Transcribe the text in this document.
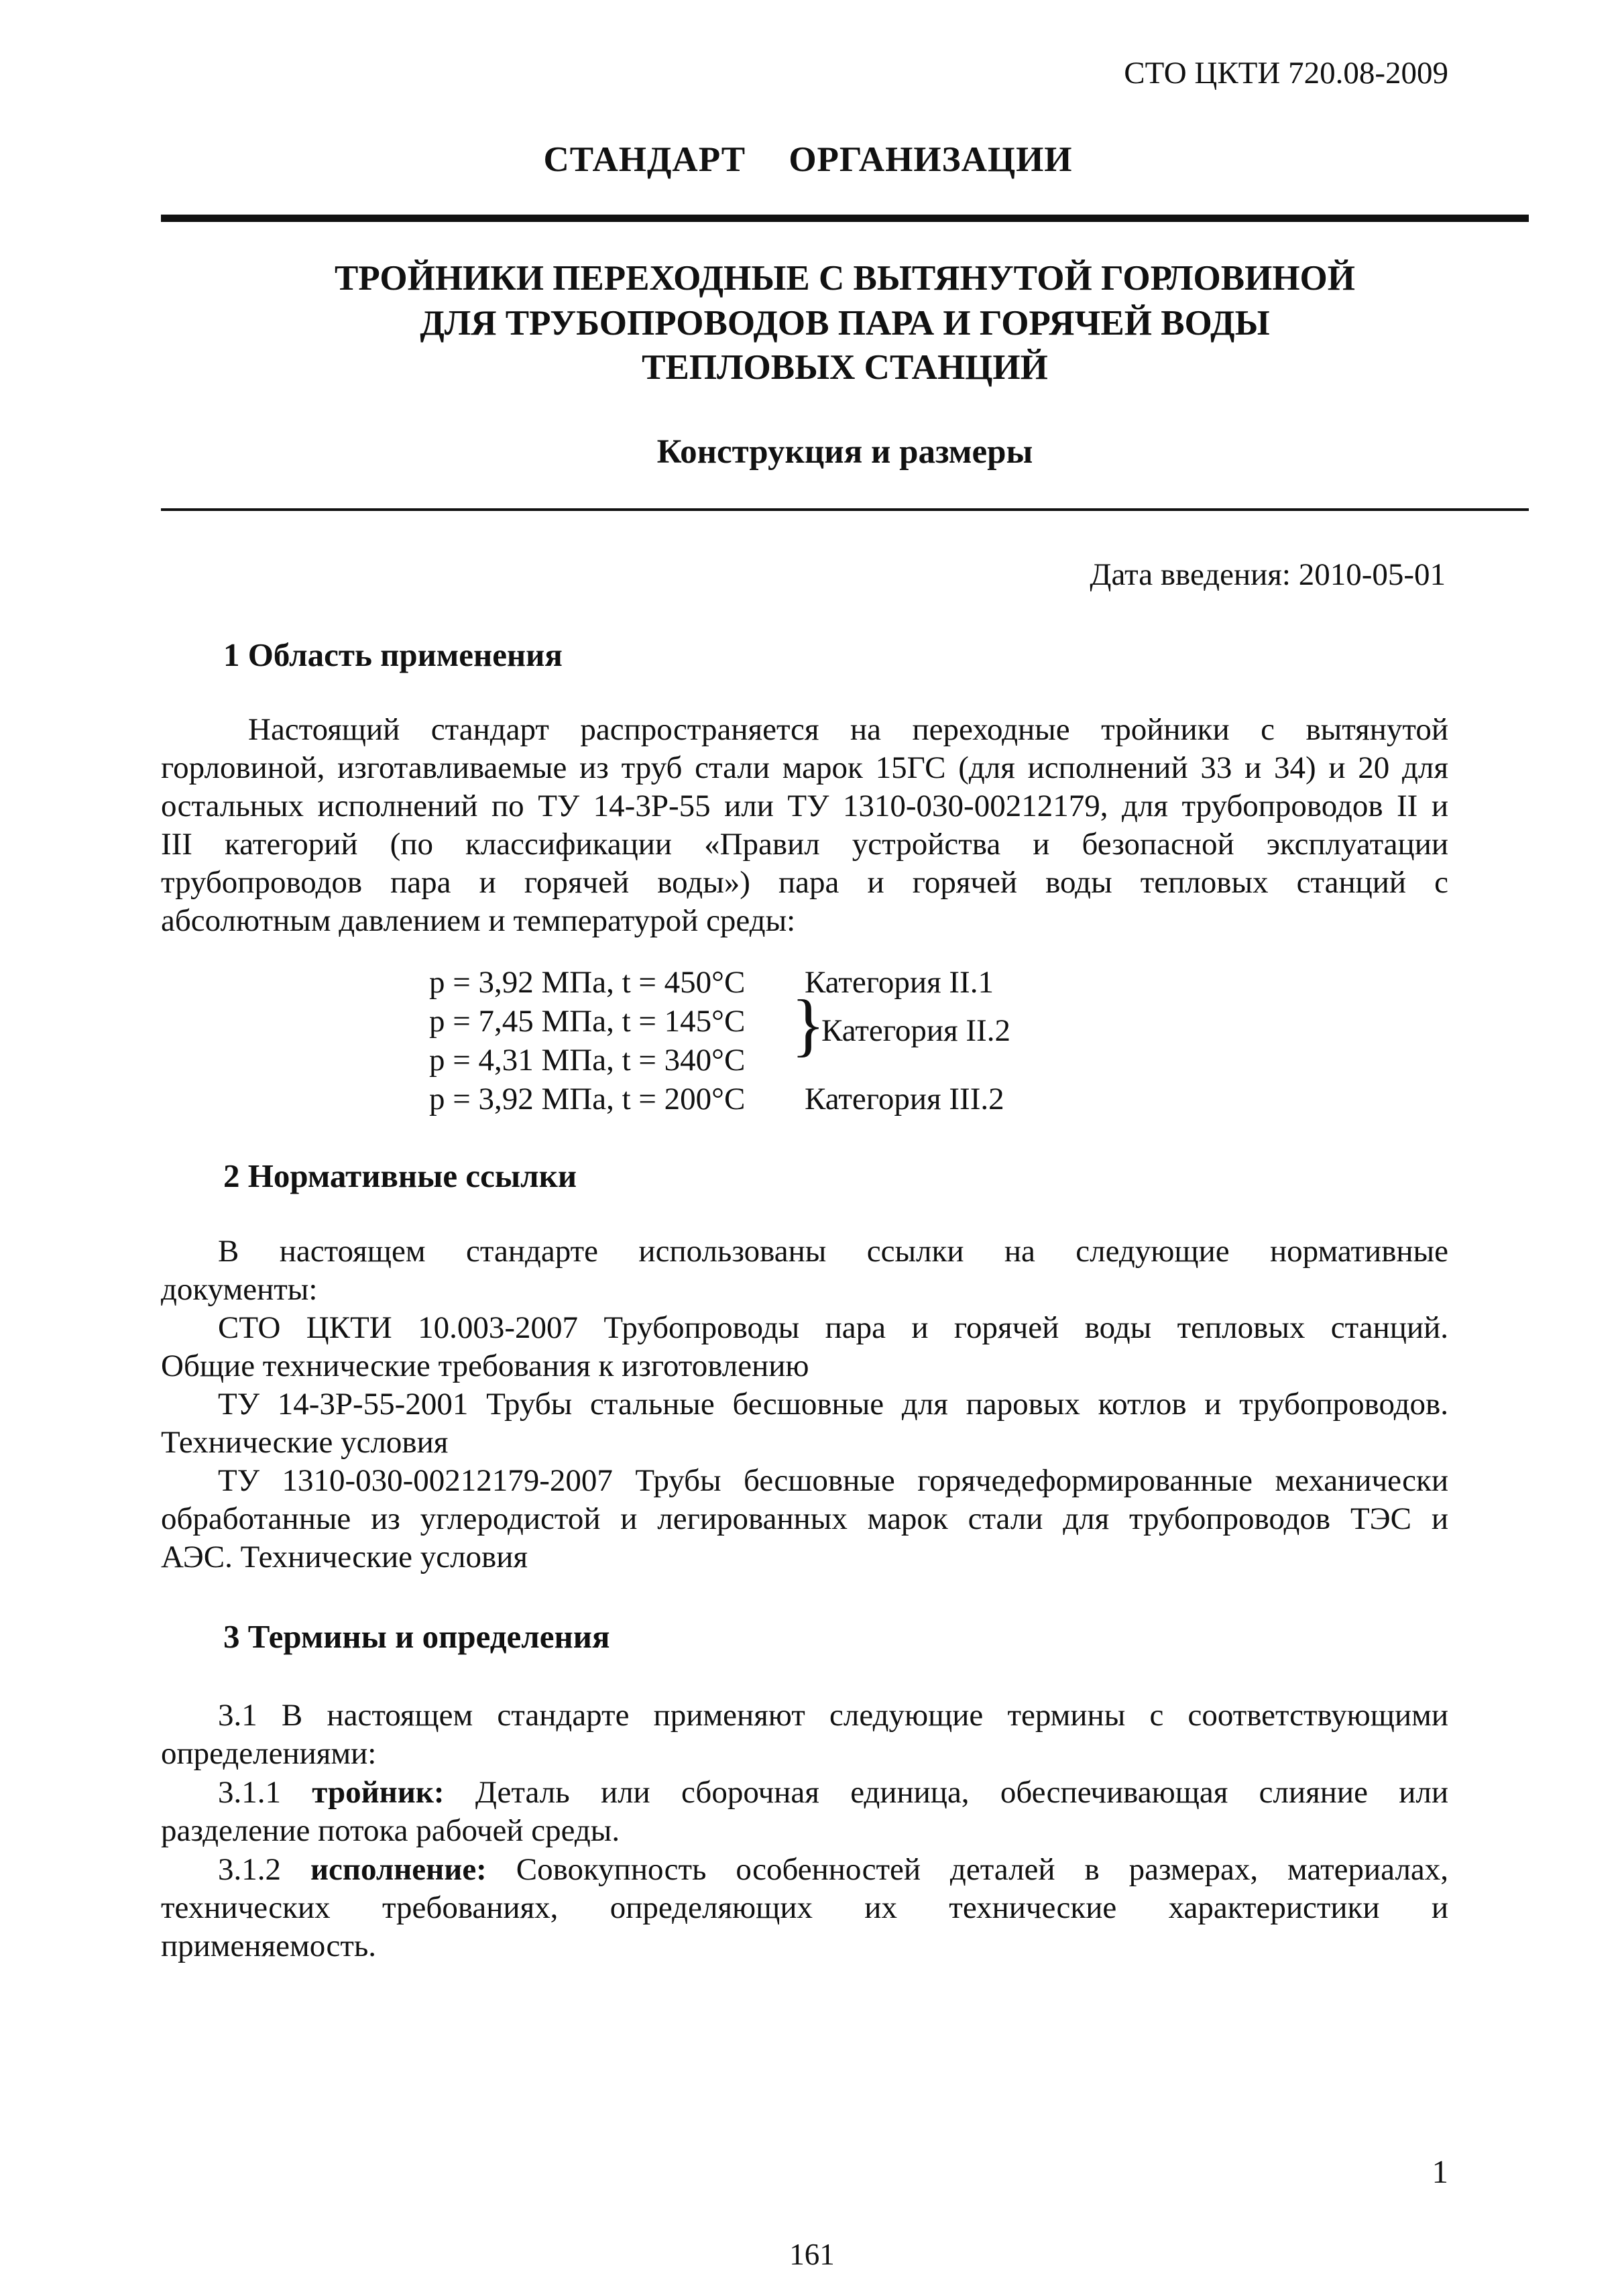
СТО ЦКТИ 720.08-2009
СТАНДАРТ ОРГАНИЗАЦИИ
ТРОЙНИКИ ПЕРЕХОДНЫЕ С ВЫТЯНУТОЙ ГОРЛОВИНОЙ
ДЛЯ ТРУБОПРОВОДОВ ПАРА И ГОРЯЧЕЙ ВОДЫ
ТЕПЛОВЫХ СТАНЦИЙ
Конструкция и размеры
Дата введения: 2010-05-01
1 Область применения
Настоящий стандарт распространяется на переходные тройники с вытянутой
горловиной, изготавливаемые из труб стали марок 15ГС (для исполнений 33 и 34) и 20 для
остальных исполнений по ТУ 14-3Р-55 или ТУ 1310-030-00212179, для трубопроводов II и
III категорий (по классификации «Правил устройства и безопасной эксплуатации
трубопроводов пара и горячей воды») пара и горячей воды тепловых станций с
абсолютным давлением и температурой среды:
p = 3,92 МПа, t = 450°С Категория II.1
p = 7,45 МПа, t = 145°С
p = 4,31 МПа, t = 340°С }
Категория II.2
p = 3,92 МПа, t = 200°С Категория III.2
2 Нормативные ссылки
В настоящем стандарте использованы ссылки на следующие нормативные
документы:
СТО ЦКТИ 10.003-2007 Трубопроводы пара и горячей воды тепловых станций.
Общие технические требования к изготовлению
ТУ 14-3Р-55-2001 Трубы стальные бесшовные для паровых котлов и трубопроводов.
Технические условия
ТУ 1310-030-00212179-2007 Трубы бесшовные горячедеформированные механически
обработанные из углеродистой и легированных марок стали для трубопроводов ТЭС и
АЭС. Технические условия
3 Термины и определения
3.1 В настоящем стандарте применяют следующие термины с соответствующими
определениями:
3.1.1 тройник: Деталь или сборочная единица, обеспечивающая слияние или
разделение потока рабочей среды.
3.1.2 исполнение: Совокупность особенностей деталей в размерах, материалах,
технических требованиях, определяющих их технические характеристики и
применяемость.
1
161
